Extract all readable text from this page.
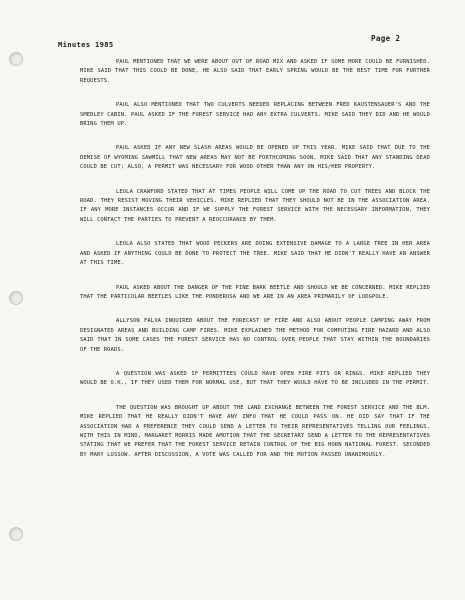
Minutes 1985
Page 2

PAUL MENTIONED THAT WE WERE ABOUT OUT OF ROAD MIX AND ASKED IF SOME MORE COULD BE FURNISHED. MIKE SAID THAT THIS COULD BE DONE, HE ALSO SAID THAT EARLY SPRING WOULD BE THE BEST TIME FOR FURTHER REQUESTS.

PAUL ALSO MENTIONED THAT TWO CULVERTS NEEDED REPLACING BETWEEN FRED KAUSTENSAUER'S AND THE SMEDLEY CABIN. PAUL ASKED IF THE FOREST SERVICE HAD ANY EXTRA CULVERTS. MIKE SAID THEY DID AND HE WOULD BRING THEM UP.

PAUL ASKED IF ANY NEW SLASH AREAS WOULD BE OPENED UP THIS YEAR. MIKE SAID THAT DUE TO THE DEMISE OF WYOMING SAWMILL THAT NEW AREAS MAY NOT BE FORTHCOMING SOON. MIKE SAID THAT ANY STANDING DEAD COULD BE CUT; ALSO, A PERMIT WAS NECESSARY FOR WOOD OTHER THAN ANY ON HIS/HER PROPERTY.

LEOLA CRAWFORD STATED THAT AT TIMES PEOPLE WILL COME UP THE ROAD TO CUT TREES AND BLOCK THE ROAD. THEY RESIST MOVING THEIR VEHICLES. MIKE REPLIED THAT THEY SHOULD NOT BE IN THE ASSOCIATION AREA. IF ANY MORE INSTANCES OCCUR AND IF WE SUPPLY THE FOREST SERVICE WITH THE NECESSARY INFORMATION, THEY WILL CONTACT THE PARTIES TO PREVENT A REOCCURANCE BY THEM.

LEOLA ALSO STATED THAT WOOD PECKERS ARE DOING EXTENSIVE DAMAGE TO A LARGE TREE IN HER AREA AND ASKED IF ANYTHING COULD BE DONE TO PROTECT THE TREE. MIKE SAID THAT HE DIDN'T REALLY HAVE AN ANSWER AT THIS TIME.

PAUL ASKED ABOUT THE DANGER OF THE PINE BARK BEETLE AND SHOULD WE BE CONCERNED. MIKE REPLIED THAT THE PARTICULAR BEETLES LIKE THE PONDEROSA AND WE ARE IN AN AREA PRIMARILY OF LODGPOLE.

ALLYSON FALXA INQUIRED ABOUT THE FORECAST OF FIRE AND ALSO ABOUT PEOPLE CAMPING AWAY FROM DESIGNATED AREAS AND BUILDING CAMP FIRES. MIKE EXPLAINED THE METHOD FOR COMPUTING FIRE HAZARD AND ALSO SAID THAT IN SOME CASES THE FOREST SERVICE HAS NO CONTROL OVER PEOPLE THAT STAY WITHIN THE BOUNDARIES OF THE ROADS.

A QUESTION WAS ASKED IF PERMITTEES COULD HAVE OPEN FIRE PITS OR RINGS. MIKE REPLIED THEY WOULD BE O.K., IF THEY USED THEM FOR NORMAL USE, BUT THAT THEY WOULD HAVE TO BE INCLUDED IN THE PERMIT.

THE QUESTION WAS BROUGHT UP ABOUT THE LAND EXCHANGE BETWEEN THE FOREST SERVICE AND THE BLM. MIKE REPLIED THAT HE REALLY DIDN'T HAVE ANY INFO THAT HE COULD PASS ON. HE DID SAY THAT IF THE ASSOCIATION HAD A PREFERENCE THEY COULD SEND A LETTER TO THEIR REPRESENTATIVES TELLING OUR FEELINGS. WITH THIS IN MIND, MARGARET MORRIS MADE AMOTION THAT THE SECRETARY SEND A LETTER TO THE REPRESENTATIVES STATING THAT WE PREFER THAT THE FOREST SERVICE RETAIN CONTROL OF THE BIG HORN NATIONAL FOREST. SECONDED BY MARY LUSSOW. AFTER DISCUSSION, A VOTE WAS CALLED FOR AND THE MOTION PASSED UNANIMOUSLY.
